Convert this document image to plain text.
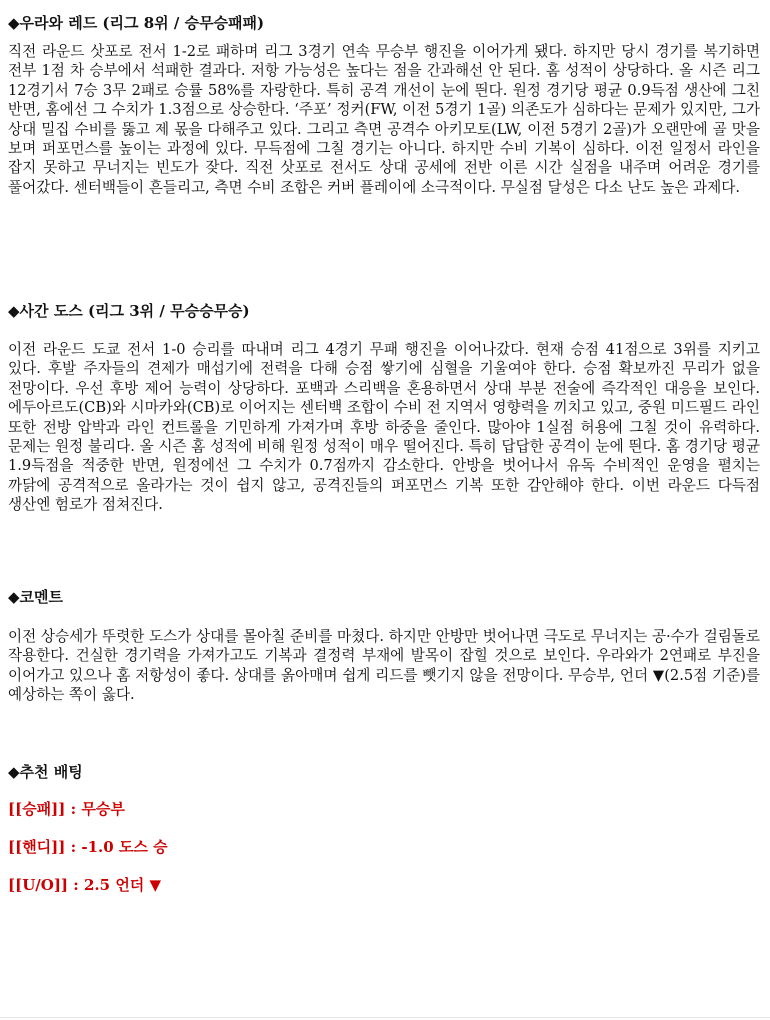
◆우라와 레드 (리그 8위 / 승무승패패)
직전 라운드 삿포로 전서 1-2로 패하며 리그 3경기 연속 무승부 행진을 이어가게 됐다. 하지만 당시 경기를 복기하면 전부 1점 차 승부에서 석패한 결과다. 저항 가능성은 높다는 점을 간과해선 안 된다. 홈 성적이 상당하다. 올 시즌 리그 12경기서 7승 3무 2패로 승률 58%를 자랑한다. 특히 공격 개선이 눈에 띈다. 원정 경기당 평균 0.9득점 생산에 그친 반면, 홈에선 그 수치가 1.3점으로 상승한다. ‘주포’ 정커(FW, 이전 5경기 1골) 의존도가 심하다는 문제가 있지만, 그가 상대 밀집 수비를 뚫고 제 몫을 다해주고 있다. 그리고 측면 공격수 아키모토(LW, 이전 5경기 2골)가 오랜만에 골 맛을 보며 퍼포먼스를 높이는 과정에 있다. 무득점에 그칠 경기는 아니다. 하지만 수비 기복이 심하다. 이전 일정서 라인을 잡지 못하고 무너지는 빈도가 잦다. 직전 삿포로 전서도 상대 공세에 전반 이른 시간 실점을 내주며 어려운 경기를 풀어갔다. 센터백들이 흔들리고, 측면 수비 조합은 커버 플레이에 소극적이다. 무실점 달성은 다소 난도 높은 과제다.
◆사간 도스 (리그 3위 / 무승승무승)
이전 라운드 도쿄 전서 1-0 승리를 따내며 리그 4경기 무패 행진을 이어나갔다. 현재 승점 41점으로 3위를 지키고 있다. 후발 주자들의 견제가 매섭기에 전력을 다해 승점 쌓기에 심혈을 기울여야 한다. 승점 확보까진 무리가 없을 전망이다. 우선 후방 제어 능력이 상당하다. 포백과 스리백을 혼용하면서 상대 부분 전술에 즉각적인 대응을 보인다. 에두아르도(CB)와 시마카와(CB)로 이어지는 센터백 조합이 수비 전 지역서 영향력을 끼치고 있고, 중원 미드필드 라인 또한 전방 압박과 라인 컨트롤을 기민하게 가져가며 후방 하중을 줄인다. 많아야 1실점 허용에 그칠 것이 유력하다. 문제는 원정 불리다. 올 시즌 홈 성적에 비해 원정 성적이 매우 떨어진다. 특히 답답한 공격이 눈에 띈다. 홈 경기당 평균 1.9득점을 적중한 반면, 원정에선 그 수치가 0.7점까지 감소한다. 안방을 벗어나서 유독 수비적인 운영을 펼치는 까닭에 공격적으로 올라가는 것이 쉽지 않고, 공격진들의 퍼포먼스 기복 또한 감안해야 한다. 이번 라운드 다득점 생산엔 험로가 점쳐진다.
◆코멘트
이전 상승세가 뚜렷한 도스가 상대를 몰아칠 준비를 마쳤다. 하지만 안방만 벗어나면 극도로 무너지는 공·수가 걸림돌로 작용한다. 건실한 경기력을 가져가고도 기복과 결정력 부재에 발목이 잡힐 것으로 보인다. 우라와가 2연패로 부진을 이어가고 있으나 홈 저항성이 좋다. 상대를 옭아매며 쉽게 리드를 뺏기지 않을 전망이다. 무승부, 언더 ▼(2.5점 기준)를 예상하는 쪽이 옳다.
◆추천 배팅
[[승패]] : 무승부
[[핸디]] : -1.0 도스 승
[[U/O]] : 2.5 언더 ▼
